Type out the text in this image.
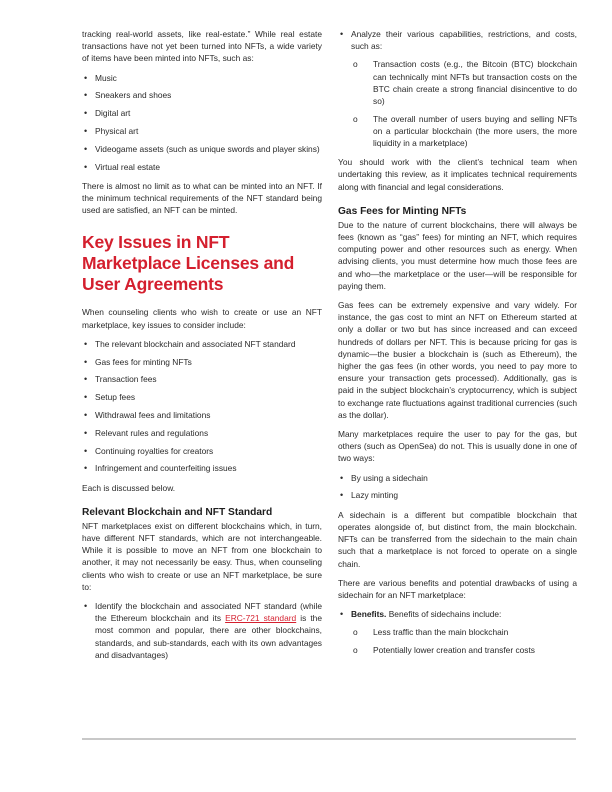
tracking real-world assets, like real-estate.” While real estate transactions have not yet been turned into NFTs, a wide variety of items have been minted into NFTs, such as:

• Music
• Sneakers and shoes
• Digital art
• Physical art
• Videogame assets (such as unique swords and player skins)
• Virtual real estate

There is almost no limit as to what can be minted into an NFT. If the minimum technical requirements of the NFT standard being used are satisfied, an NFT can be minted.

Key Issues in NFT Marketplace Licenses and User Agreements

When counseling clients who wish to create or use an NFT marketplace, key issues to consider include:

• The relevant blockchain and associated NFT standard
• Gas fees for minting NFTs
• Transaction fees
• Setup fees
• Withdrawal fees and limitations
• Relevant rules and regulations
• Continuing royalties for creators
• Infringement and counterfeiting issues

Each is discussed below.

Relevant Blockchain and NFT Standard

NFT marketplaces exist on different blockchains which, in turn, have different NFT standards, which are not interchangeable. While it is possible to move an NFT from one blockchain to another, it may not necessarily be easy. Thus, when counseling clients who wish to create or use an NFT marketplace, be sure to:

• Identify the blockchain and associated NFT standard (while the Ethereum blockchain and its ERC-721 standard is the most common and popular, there are other blockchains, standards, and sub-standards, each with its own advantages and disadvantages)
• Analyze their various capabilities, restrictions, and costs, such as:
o Transaction costs (e.g., the Bitcoin (BTC) blockchain can technically mint NFTs but transaction costs on the BTC chain create a strong financial disincentive to do so)
o The overall number of users buying and selling NFTs on a particular blockchain (the more users, the more liquidity in a marketplace)

You should work with the client’s technical team when undertaking this review, as it implicates technical requirements along with financial and legal considerations.

Gas Fees for Minting NFTs

Due to the nature of current blockchains, there will always be fees (known as “gas” fees) for minting an NFT, which requires computing power and other resources such as energy. When advising clients, you must determine how much those fees are and who—the marketplace or the user—will be responsible for paying them.

Gas fees can be extremely expensive and vary widely. For instance, the gas cost to mint an NFT on Ethereum started at only a dollar or two but has since increased and can exceed hundreds of dollars per NFT. This is because pricing for gas is dynamic—the busier a blockchain is (such as Ethereum), the higher the gas fees (in other words, you need to pay more to ensure your transaction gets processed). Additionally, gas is paid in the subject blockchain’s cryptocurrency, which is subject to exchange rate fluctuations against traditional currencies (such as the dollar).

Many marketplaces require the user to pay for the gas, but others (such as OpenSea) do not. This is usually done in one of two ways:

• By using a sidechain
• Lazy minting

A sidechain is a different but compatible blockchain that operates alongside of, but distinct from, the main blockchain. NFTs can be transferred from the sidechain to the main chain such that a marketplace is not forced to operate on a single chain.

There are various benefits and potential drawbacks of using a sidechain for an NFT marketplace:

• Benefits. Benefits of sidechains include:
o Less traffic than the main blockchain
o Potentially lower creation and transfer costs
